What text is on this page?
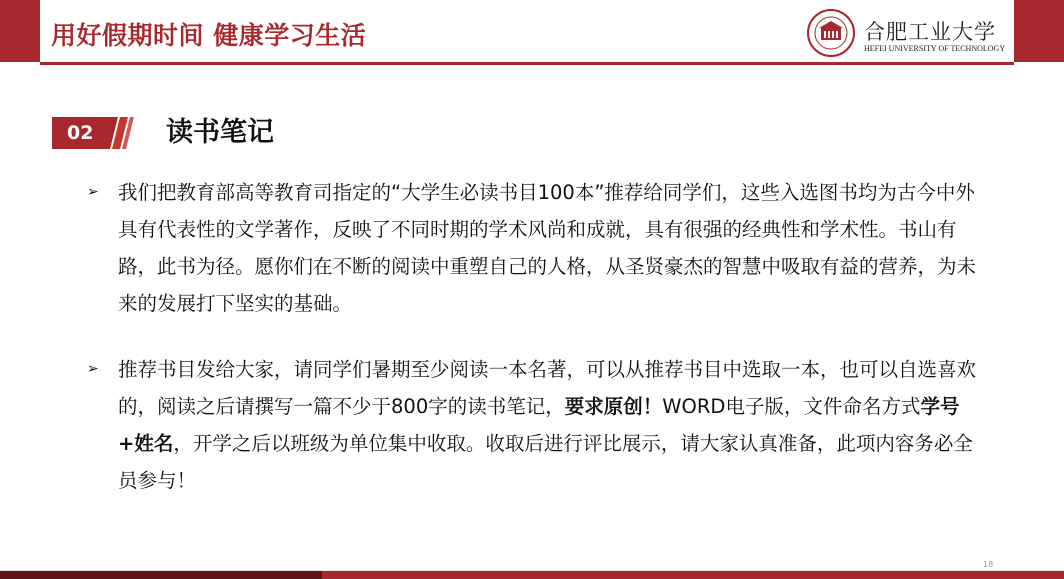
用好假期时间 健康学习生活	合肥工业大学
HEFEI UNIVERSITY OF TECHNOLOGY
02	读书笔记
➢ 我们把教育部高等教育司指定的“大学生必读书目100本”推荐给同学们，这些入选图书均为古今中外具有代表性的文学著作，反映了不同时期的学术风尚和成就，具有很强的经典性和学术性。书山有路，此书为径。愿你们在不断的阅读中重塑自己的人格，从圣贤豪杰的智慧中吸取有益的营养，为未来的发展打下坚实的基础。
➢ 推荐书目发给大家，请同学们暑期至少阅读一本名著，可以从推荐书目中选取一本，也可以自选喜欢的，阅读之后请撰写一篇不少于800字的读书笔记，要求原创！WORD电子版，文件命名方式学号+姓名，开学之后以班级为单位集中收取。收取后进行评比展示，请大家认真准备，此项内容务必全员参与！
18
